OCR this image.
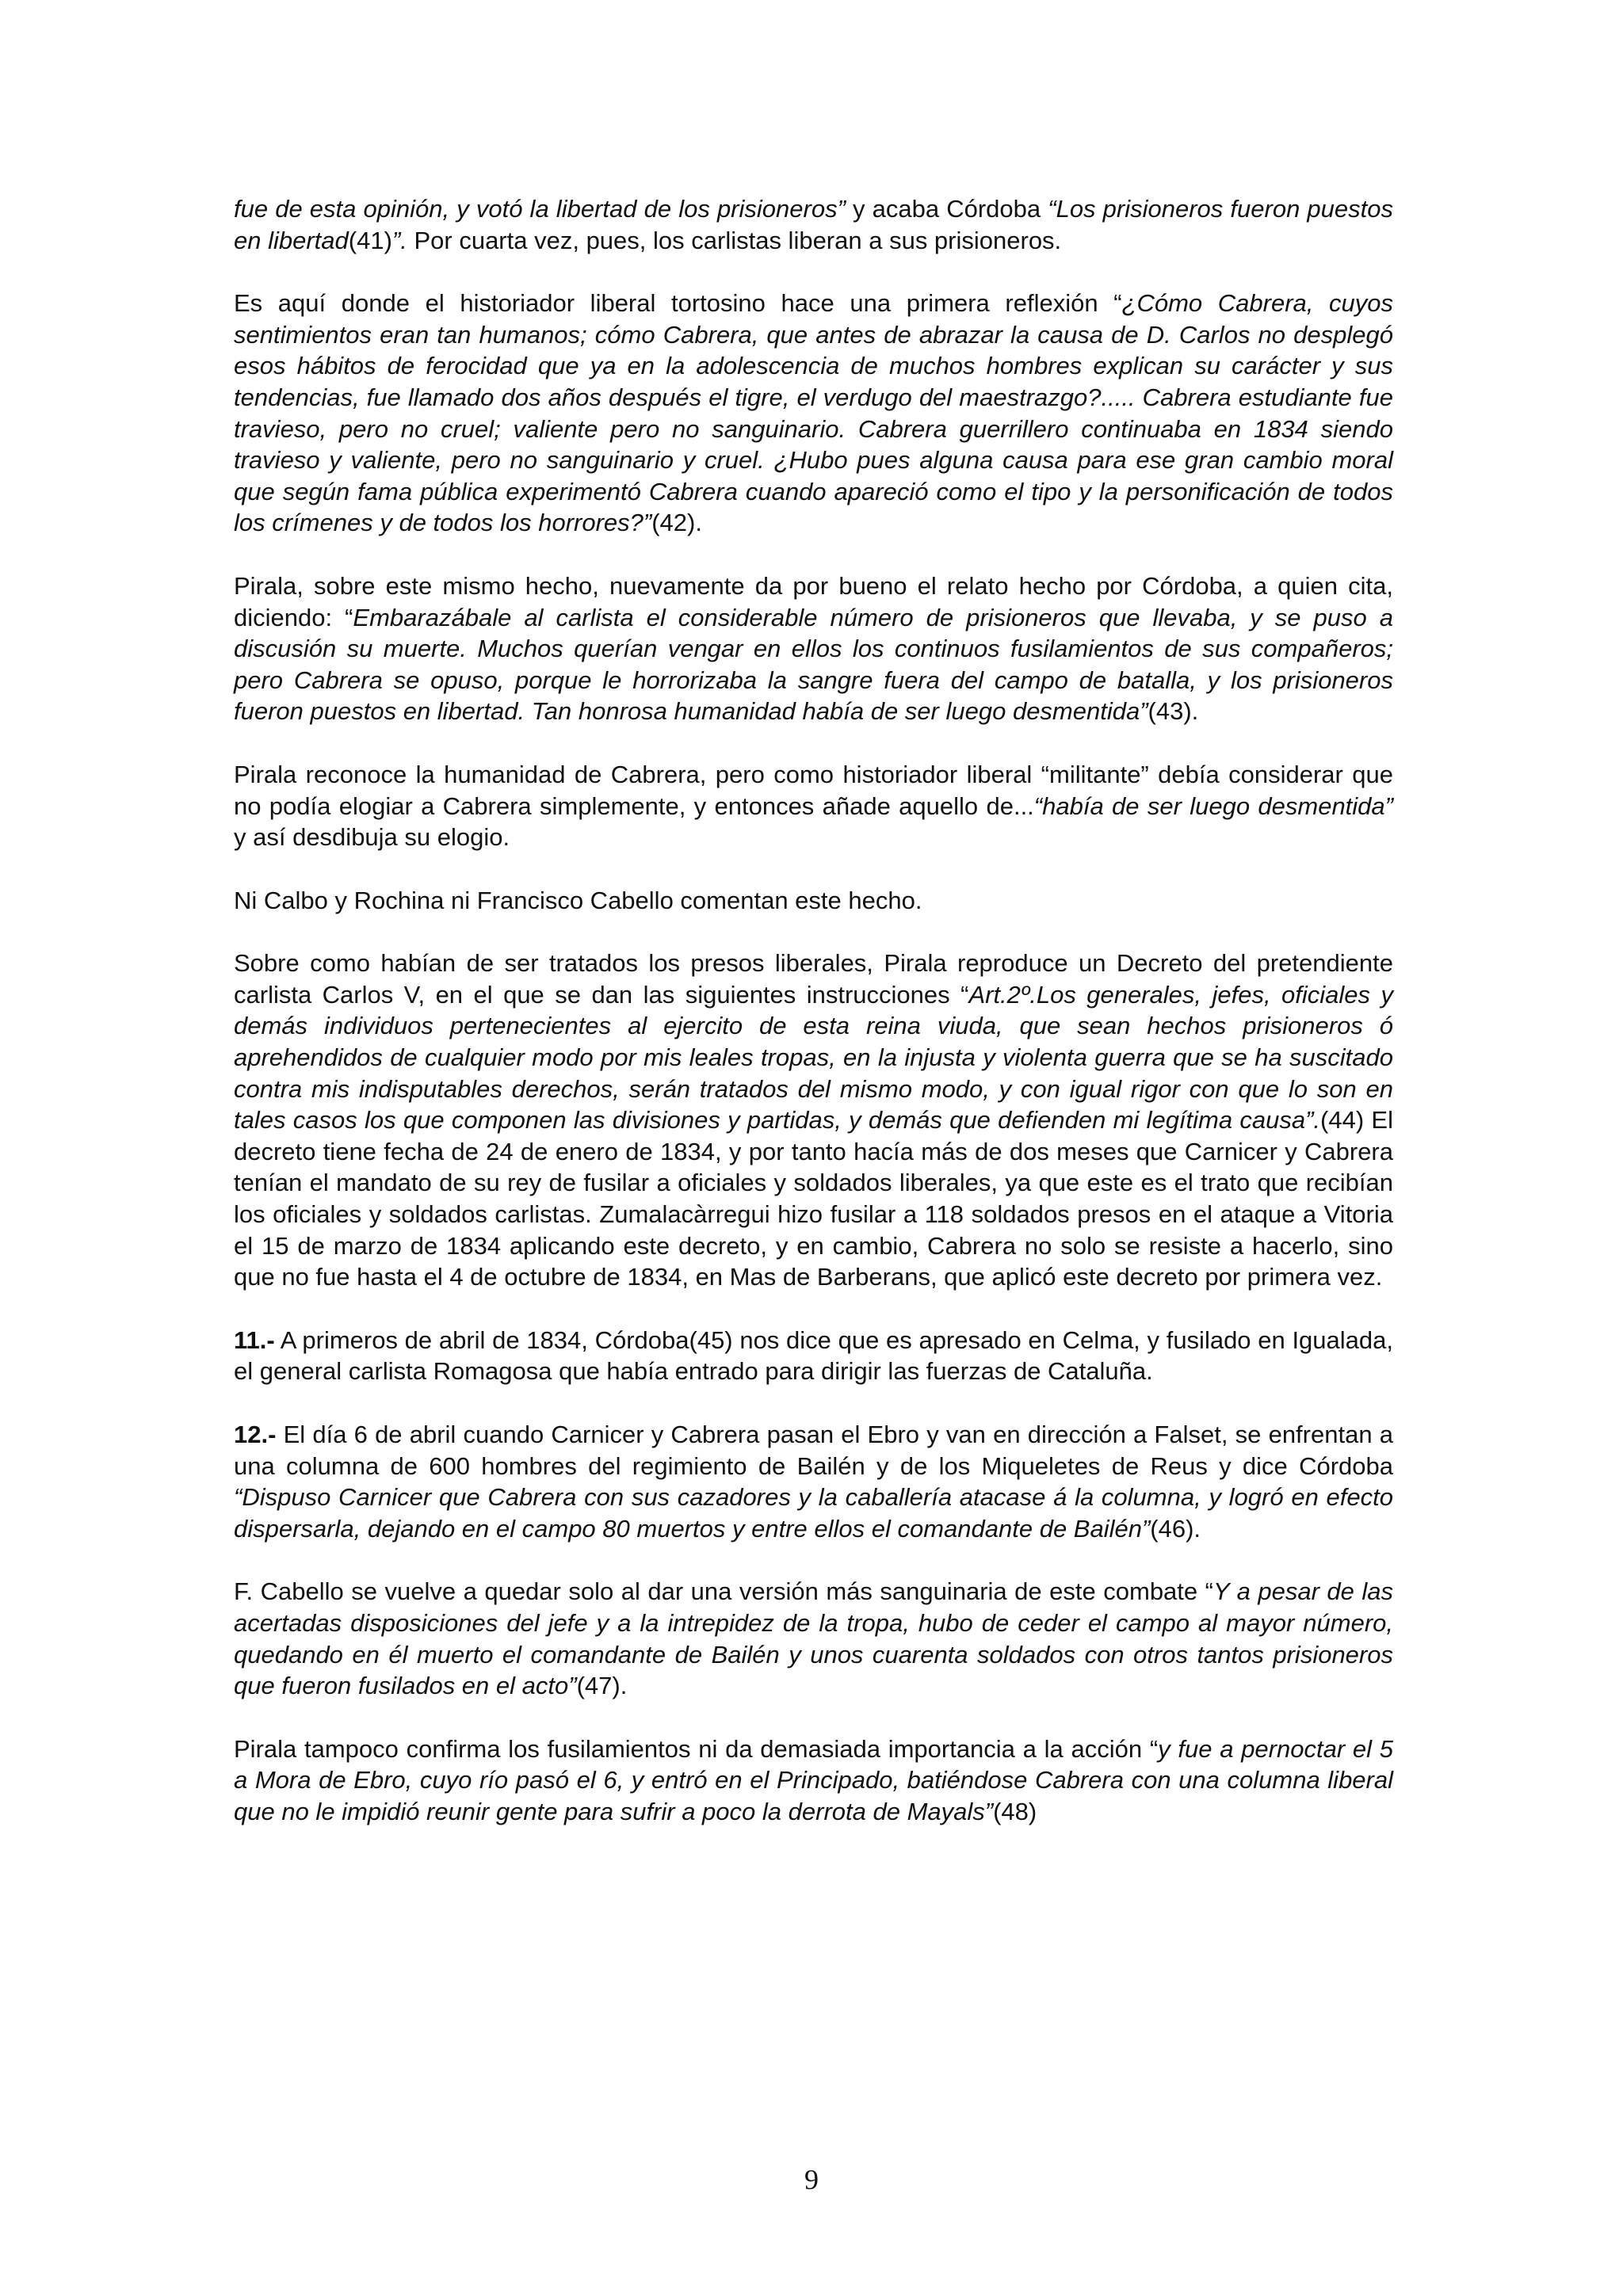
fue de esta opinión, y votó la libertad de los prisioneros” y acaba Córdoba “Los prisioneros fueron puestos en libertad(41)”. Por cuarta vez, pues, los carlistas liberan a sus prisioneros.

Es aquí donde el historiador liberal tortosino hace una primera reflexión “¿Cómo Cabrera, cuyos sentimientos eran tan humanos; cómo Cabrera, que antes de abrazar la causa de D. Carlos no desplegó esos hábitos de ferocidad que ya en la adolescencia de muchos hombres explican su carácter y sus tendencias, fue llamado dos años después el tigre, el verdugo del maestrazgo?..... Cabrera estudiante fue travieso, pero no cruel; valiente pero no sanguinario. Cabrera guerrillero continuaba en 1834 siendo travieso y valiente, pero no sanguinario y cruel. ¿Hubo pues alguna causa para ese gran cambio moral que según fama pública experimentó Cabrera cuando apareció como el tipo y la personificación de todos los crímenes y de todos los horrores?”(42).

Pirala, sobre este mismo hecho, nuevamente da por bueno el relato hecho por Córdoba, a quien cita, diciendo: “Embarazábale al carlista el considerable número de prisioneros que llevaba, y se puso a discusión su muerte. Muchos querían vengar en ellos los continuos fusilamientos de sus compañeros; pero Cabrera se opuso, porque le horrorizaba la sangre fuera del campo de batalla, y los prisioneros fueron puestos en libertad. Tan honrosa humanidad había de ser luego desmentida”(43).

Pirala reconoce la humanidad de Cabrera, pero como historiador liberal “militante” debía considerar que no podía elogiar a Cabrera simplemente, y entonces añade aquello de...“había de ser luego desmentida” y así desdibuja su elogio.

Ni Calbo y Rochina ni Francisco Cabello comentan este hecho.

Sobre como habían de ser tratados los presos liberales, Pirala reproduce un Decreto del pretendiente carlista Carlos V, en el que se dan las siguientes instrucciones “Art.2º.Los generales, jefes, oficiales y demás individuos pertenecientes al ejercito de esta reina viuda, que sean hechos prisioneros ó aprehendidos de cualquier modo por mis leales tropas, en la injusta y violenta guerra que se ha suscitado contra mis indisputables derechos, serán tratados del mismo modo, y con igual rigor con que lo son en tales casos los que componen las divisiones y partidas, y demás que defienden mi legítima causa”.(44) El decreto tiene fecha de 24 de enero de 1834, y por tanto hacía más de dos meses que Carnicer y Cabrera tenían el mandato de su rey de fusilar a oficiales y soldados liberales, ya que este es el trato que recibían los oficiales y soldados carlistas. Zumalacàrregui hizo fusilar a 118 soldados presos en el ataque a Vitoria el 15 de marzo de 1834 aplicando este decreto, y en cambio, Cabrera no solo se resiste a hacerlo, sino que no fue hasta el 4 de octubre de 1834, en Mas de Barberans, que aplicó este decreto por primera vez.

11.- A primeros de abril de 1834, Córdoba(45) nos dice que es apresado en Celma, y fusilado en Igualada, el general carlista Romagosa que había entrado para dirigir las fuerzas de Cataluña.

12.- El día 6 de abril cuando Carnicer y Cabrera pasan el Ebro y van en dirección a Falset, se enfrentan a una columna de 600 hombres del regimiento de Bailén y de los Miqueletes de Reus y dice Córdoba “Dispuso Carnicer que Cabrera con sus cazadores y la caballería atacase á la columna, y logró en efecto dispersarla, dejando en el campo 80 muertos y entre ellos el comandante de Bailén”(46).

F. Cabello se vuelve a quedar solo al dar una versión más sanguinaria de este combate “Y a pesar de las acertadas disposiciones del jefe y a la intrepidez de la tropa, hubo de ceder el campo al mayor número, quedando en él muerto el comandante de Bailén y unos cuarenta soldados con otros tantos prisioneros que fueron fusilados en el acto”(47).

Pirala tampoco confirma los fusilamientos ni da demasiada importancia a la acción “y fue a pernoctar el 5 a Mora de Ebro, cuyo río pasó el 6, y entró en el Principado, batiéndose Cabrera con una columna liberal que no le impidió reunir gente para sufrir a poco la derrota de Mayals”(48)

9
